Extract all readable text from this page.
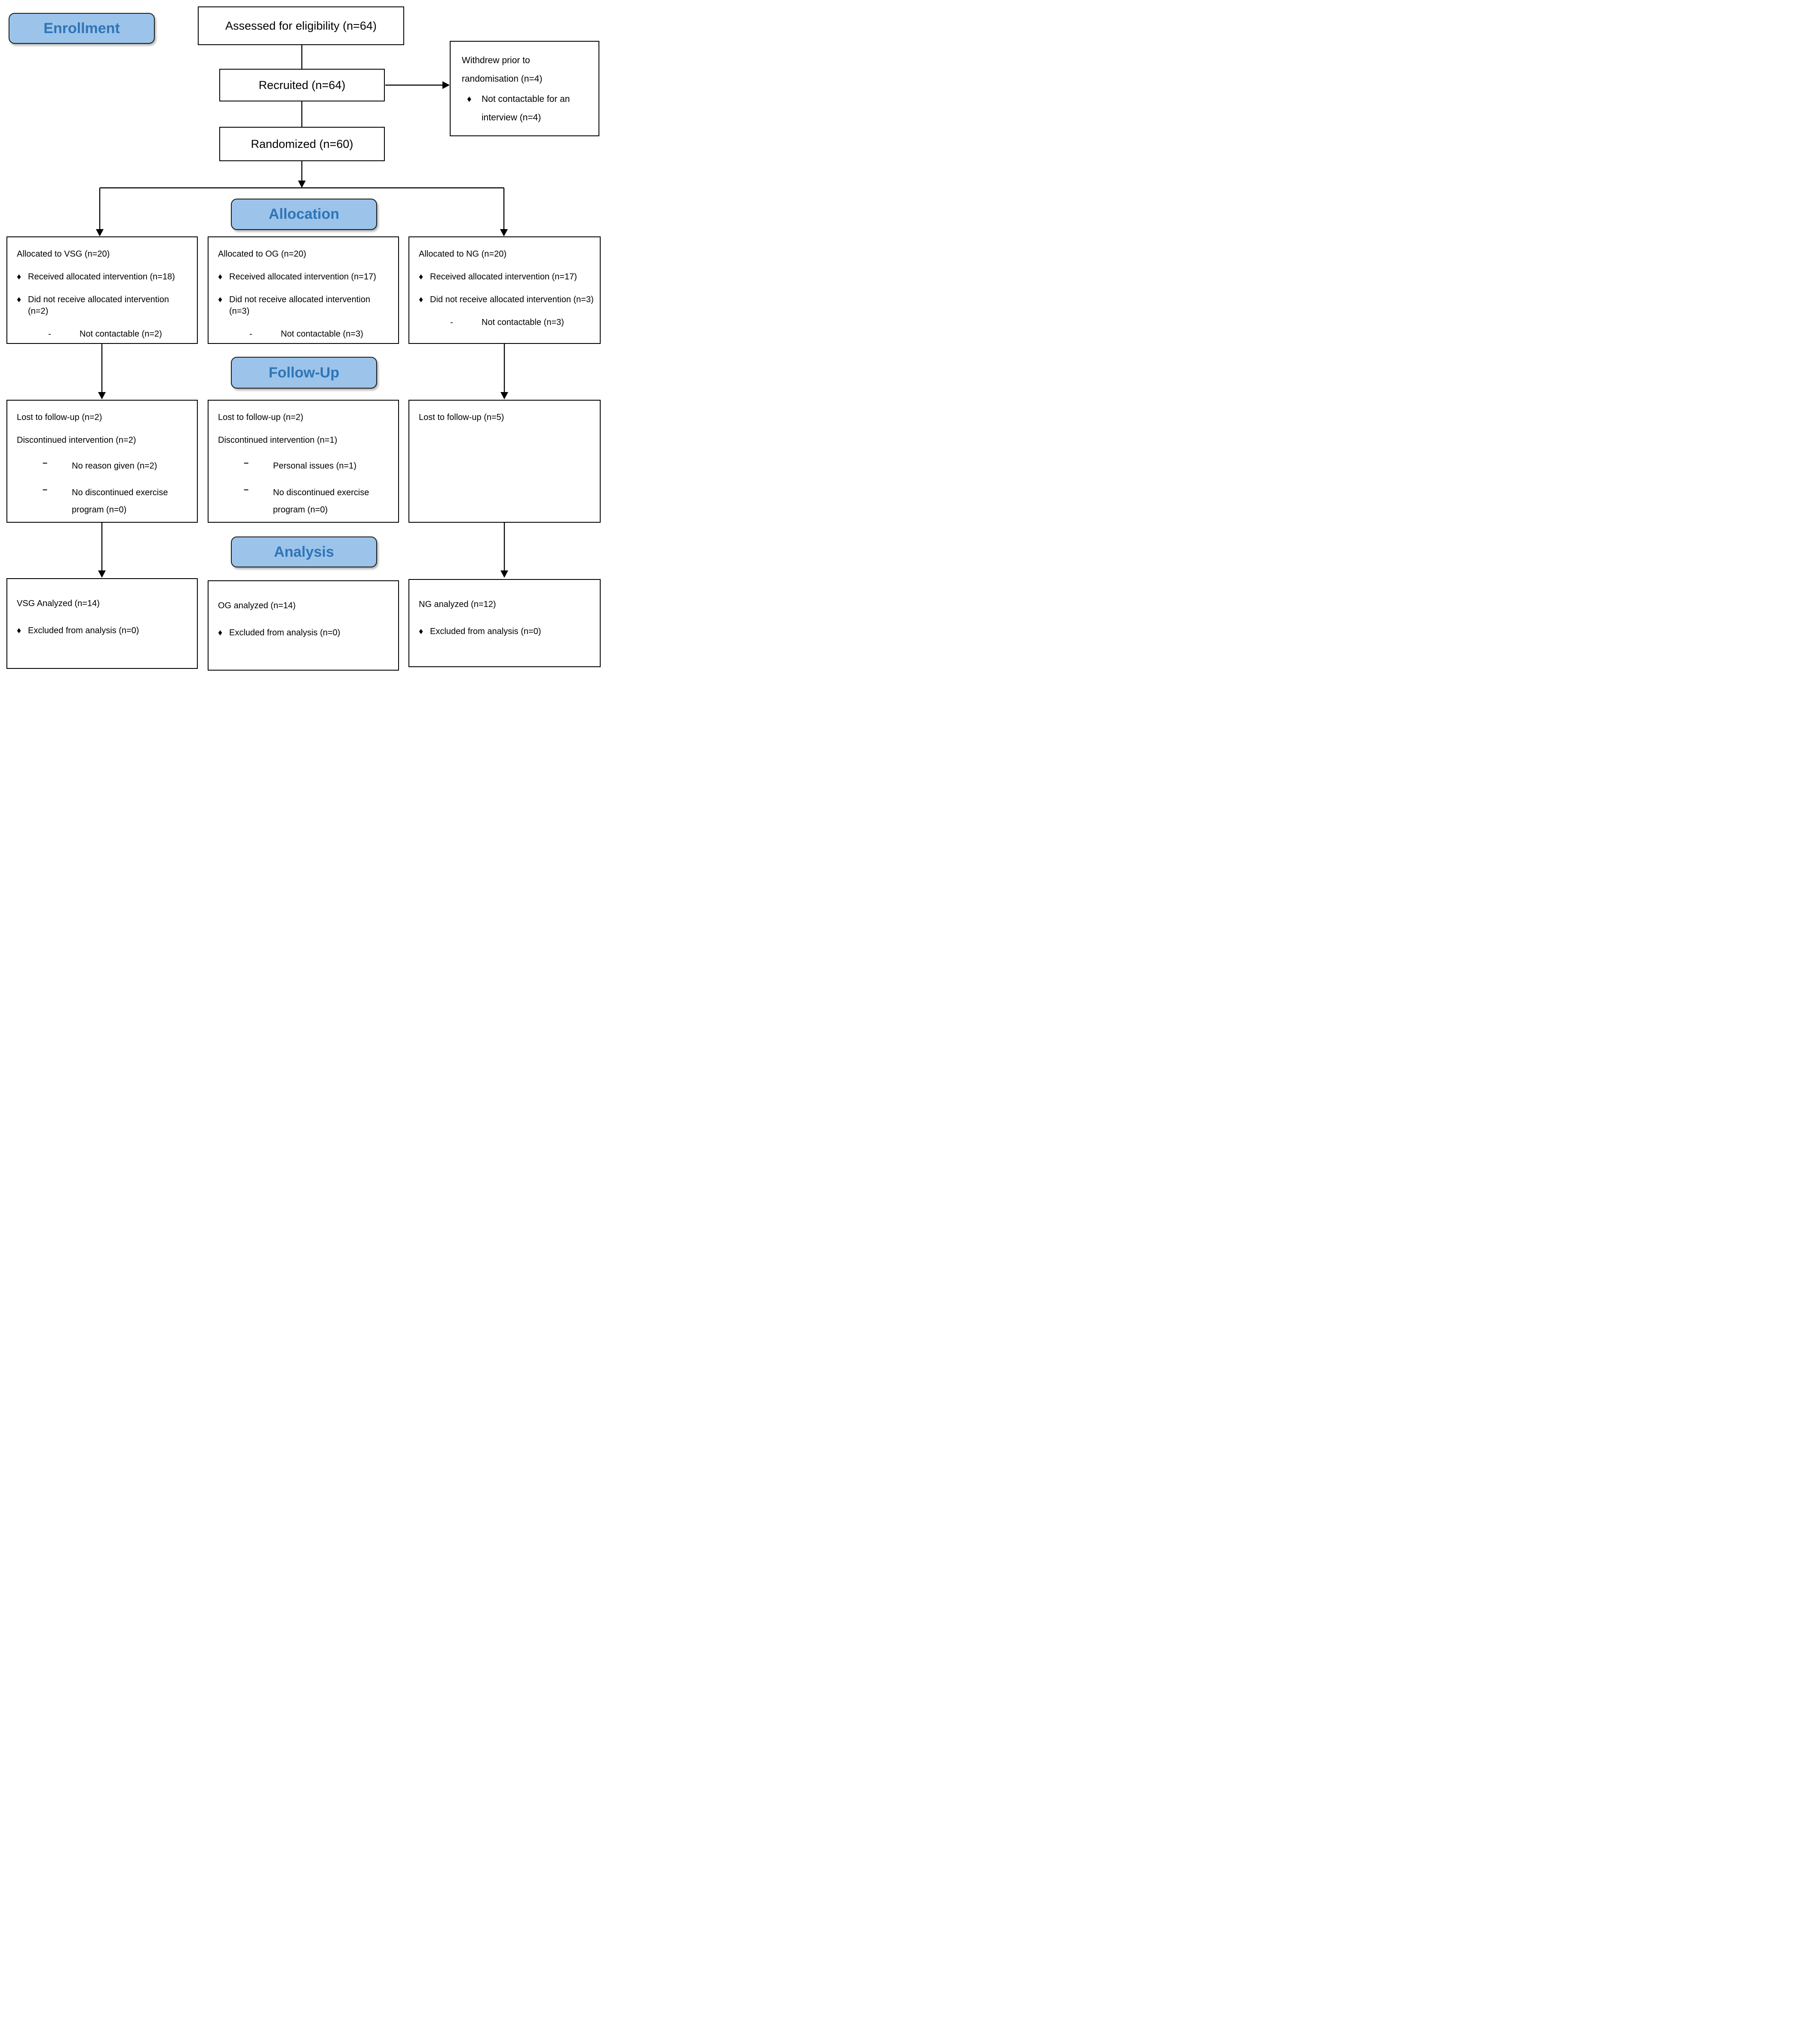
Enrollment
Allocation
Follow-Up
Analysis
Assessed for eligibility (n=64)
Recruited (n=64)
Withdrew prior to randomisation (n=4)
♦	Not contactable for an interview (n=4)
Randomized (n=60)
Allocated to VSG (n=20)
♦ Received allocated intervention (n=18)
♦ Did not receive allocated intervention (n=2)
-	Not contactable (n=2)
Allocated to OG (n=20)
♦ Received allocated intervention (n=17)
♦ Did not receive allocated intervention (n=3)
-	Not contactable (n=3)
Allocated to NG (n=20)
♦ Received allocated intervention (n=17)
♦ Did not receive allocated intervention (n=3)
-	Not contactable (n=3)
Lost to follow-up (n=2)
Discontinued intervention (n=2)
–	No reason given (n=2)
–	No discontinued exercise program (n=0)
Lost to follow-up (n=2)
Discontinued intervention (n=1)
–	Personal issues (n=1)
–	No discontinued exercise program (n=0)
Lost to follow-up (n=5)
VSG Analyzed (n=14)
♦ Excluded from analysis (n=0)
OG analyzed (n=14)
♦ Excluded from analysis (n=0)
NG analyzed (n=12)
♦ Excluded from analysis (n=0)
